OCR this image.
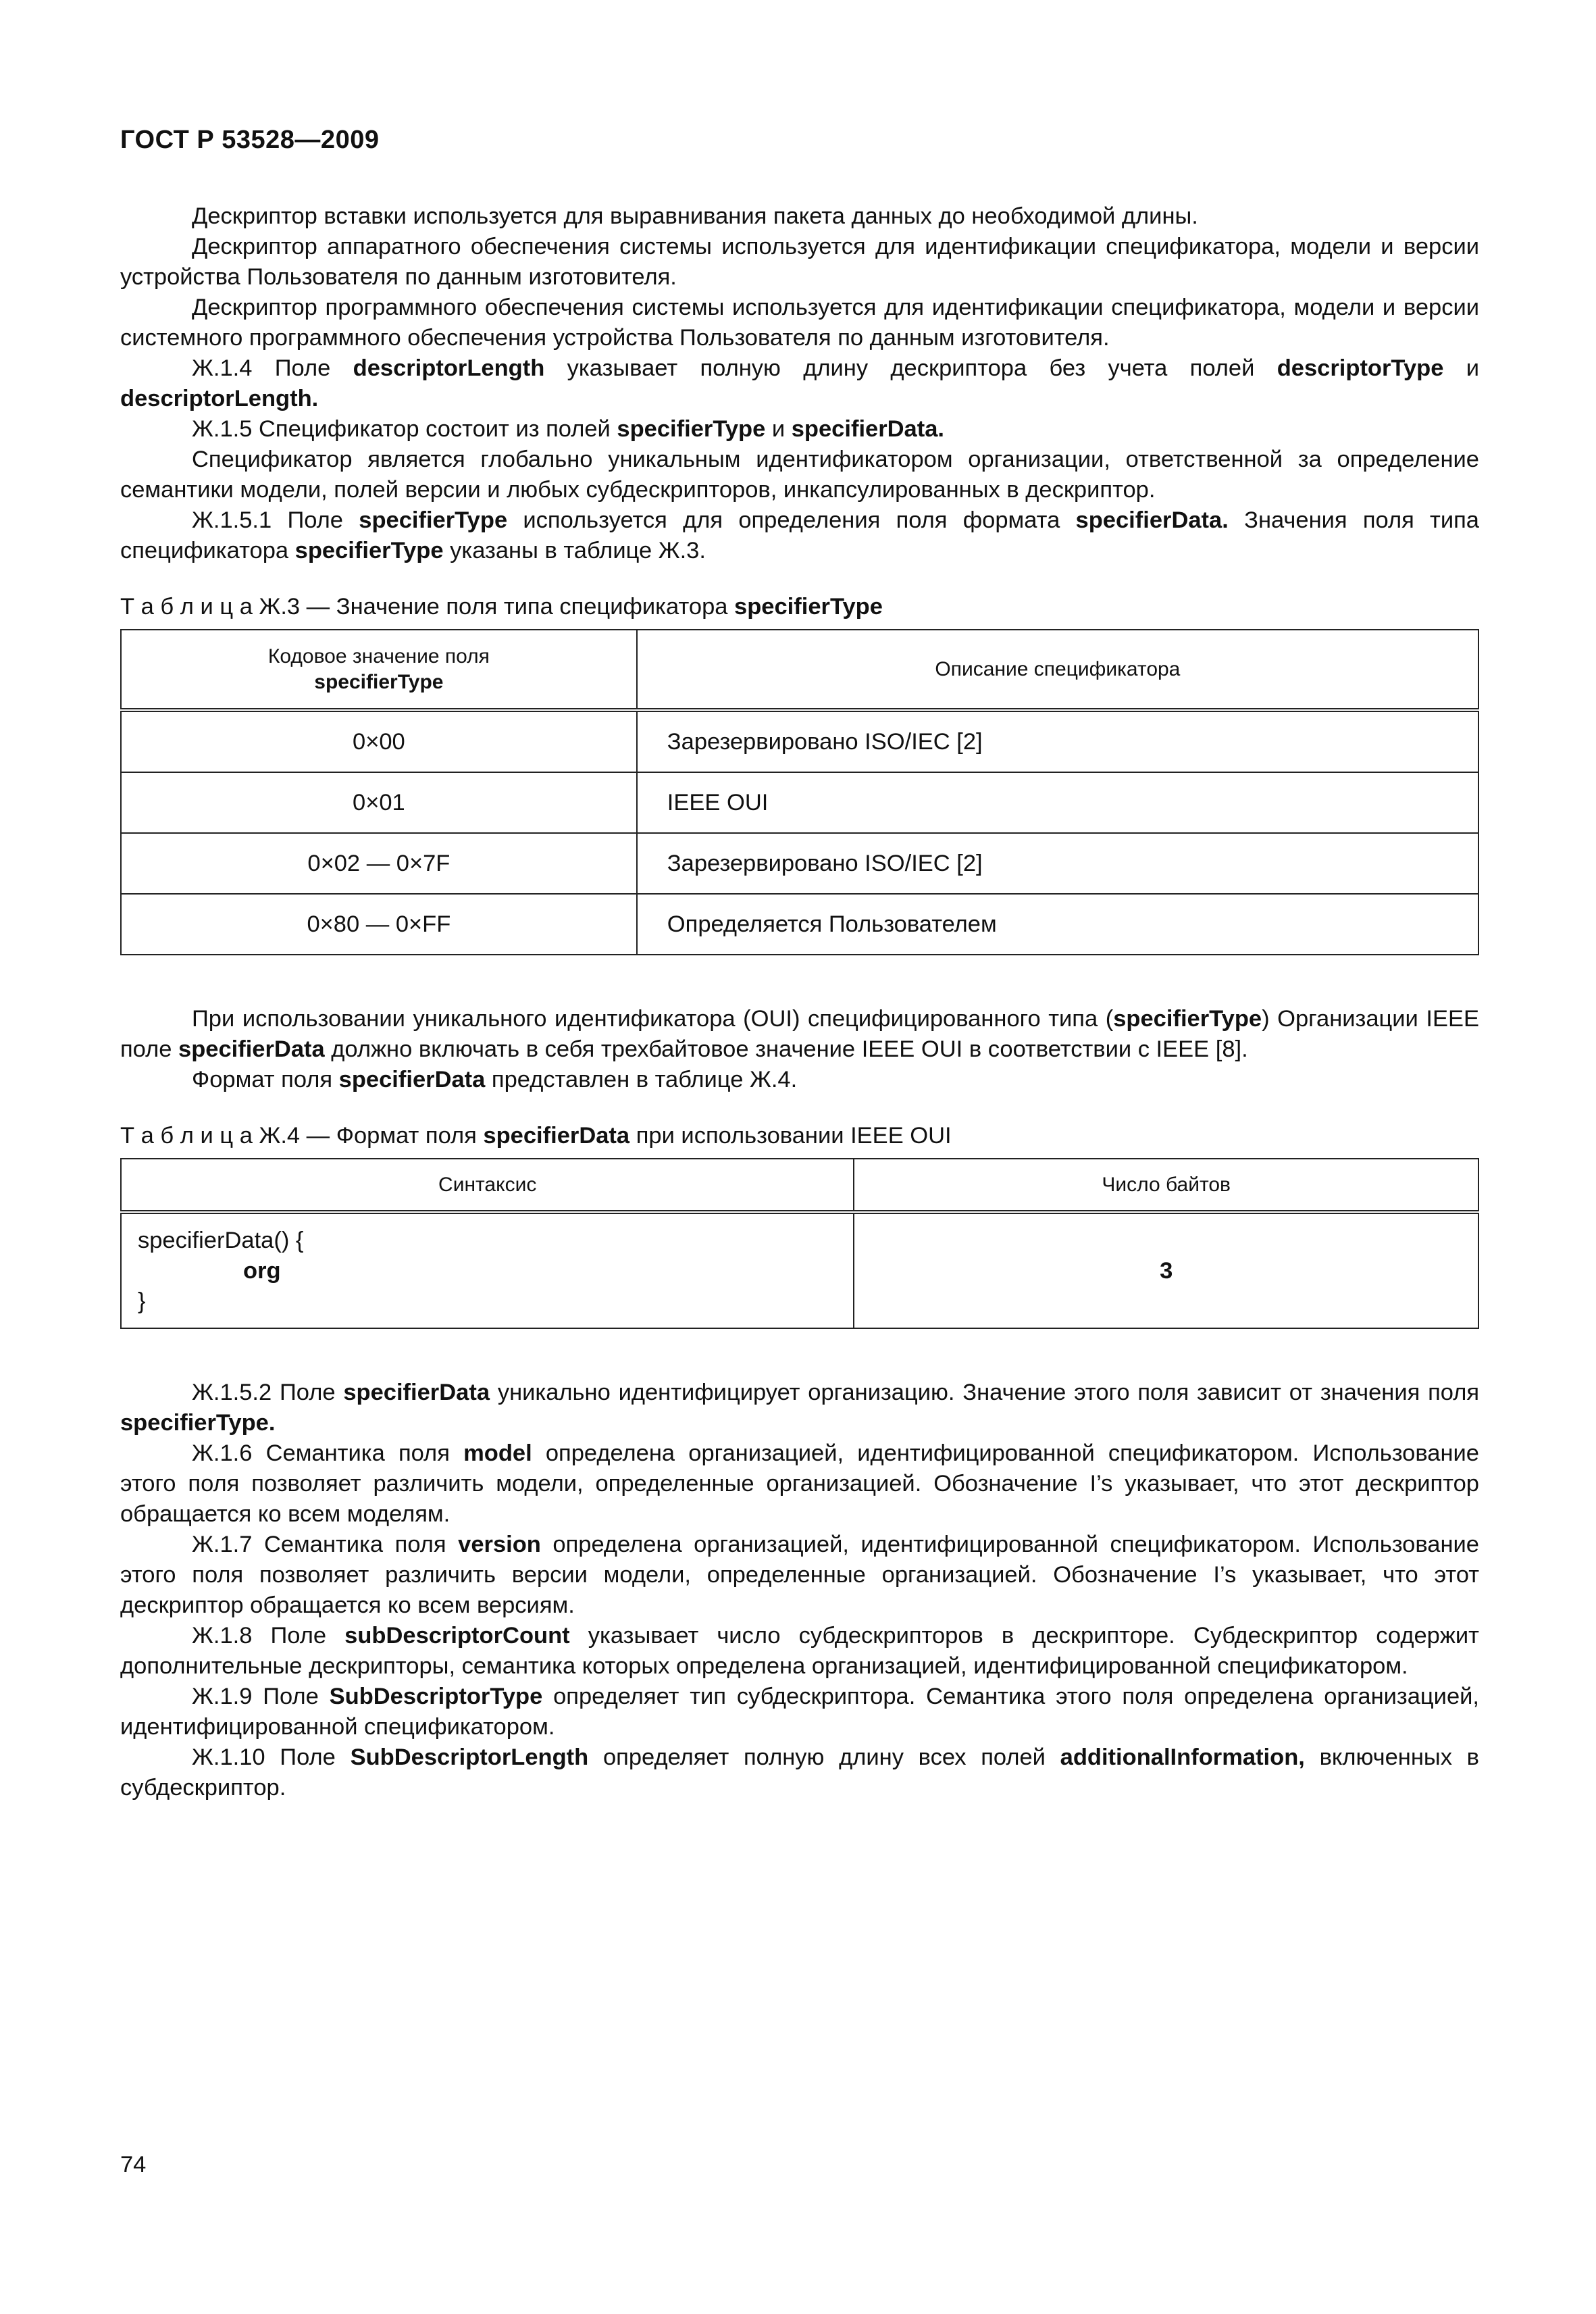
ГОСТ Р 53528—2009

Дескриптор вставки используется для выравнивания пакета данных до необходимой длины.

Дескриптор аппаратного обеспечения системы используется для идентификации спецификатора, модели и версии устройства Пользователя по данным изготовителя.

Дескриптор программного обеспечения системы используется для идентификации спецификатора, модели и версии системного программного обеспечения устройства Пользователя по данным изготовителя.

Ж.1.4 Поле descriptorLength указывает полную длину дескриптора без учета полей descriptorType и descriptorLength.

Ж.1.5 Спецификатор состоит из полей specifierType и specifierData.

Спецификатор является глобально уникальным идентификатором организации, ответственной за определение семантики модели, полей версии и любых субдескрипторов, инкапсулированных в дескриптор.

Ж.1.5.1 Поле specifierType используется для определения поля формата specifierData. Значения поля типа спецификатора specifierType указаны в таблице Ж.3.

Т а б л и ц а Ж.3 — Значение поля типа спецификатора specifierType

Кодовое значение поля
specifierType	Описание спецификатора
0×00	Зарезервировано ISO/IEC [2]
0×01	IEEE OUI
0×02 — 0×7F	Зарезервировано ISO/IEC [2]
0×80 — 0×FF	Определяется Пользователем

При использовании уникального идентификатора (OUI) специфицированного типа (specifierType) Организации IEEE поле specifierData должно включать в себя трехбайтовое значение IEEE OUI в соответствии с IEEE [8].

Формат поля specifierData представлен в таблице Ж.4.

Т а б л и ц а Ж.4 — Формат поля specifierData при использовании IEEE OUI

Синтаксис	Число байтов

specifierData() {
org
}	3

Ж.1.5.2 Поле specifierData уникально идентифицирует организацию. Значение этого поля зависит от значения поля specifierType.

Ж.1.6 Семантика поля model определена организацией, идентифицированной спецификатором. Использование этого поля позволяет различить модели, определенные организацией. Обозначение I’s указывает, что этот дескриптор обращается ко всем моделям.

Ж.1.7 Семантика поля version определена организацией, идентифицированной спецификатором. Использование этого поля позволяет различить версии модели, определенные организацией. Обозначение I’s указывает, что этот дескриптор обращается ко всем версиям.

Ж.1.8 Поле subDescriptorCount указывает число субдескрипторов в дескрипторе. Субдескриптор содержит дополнительные дескрипторы, семантика которых определена организацией, идентифицированной спецификатором.

Ж.1.9 Поле SubDescriptorType определяет тип субдескриптора. Семантика этого поля определена организацией, идентифицированной спецификатором.

Ж.1.10 Поле SubDescriptorLength определяет полную длину всех полей additionalInformation, включенных в субдескриптор.

74
